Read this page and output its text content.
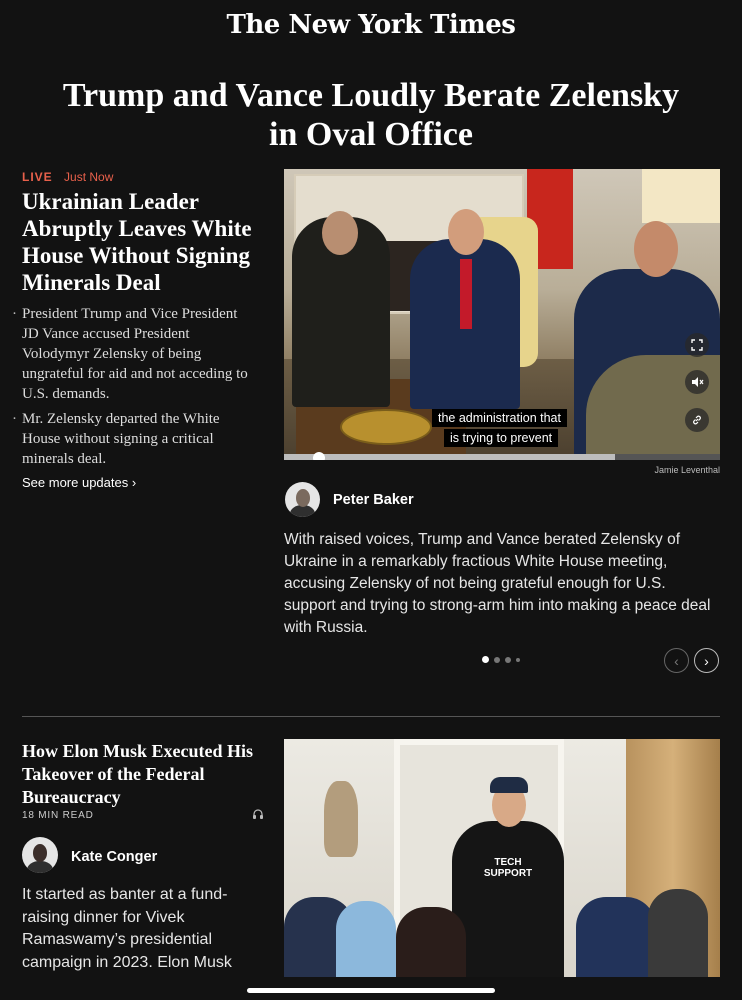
The New York Times
Trump and Vance Loudly Berate Zelensky in Oval Office
LIVE Just Now
Ukrainian Leader Abruptly Leaves White House Without Signing Minerals Deal
· President Trump and Vice President JD Vance accused President Volodymyr Zelensky of being ungrateful for aid and not acceding to U.S. demands.
· Mr. Zelensky departed the White House without signing a critical minerals deal.
See more updates ›
the administration that
is trying to prevent
Jamie Leventhal
Peter Baker

With raised voices, Trump and Vance berated Zelensky of Ukraine in a remarkably fractious White House meeting, accusing Zelensky of not being grateful enough for U.S. support and trying to strong-arm him into making a peace deal with Russia.

‹	›
How Elon Musk Executed His Takeover of the Federal Bureaucracy
18 MIN READ
Kate Conger

It started as banter at a fund-raising dinner for Vivek Ramaswamy’s presidential campaign in 2023. Elon Musk

TECH SUPPORT
